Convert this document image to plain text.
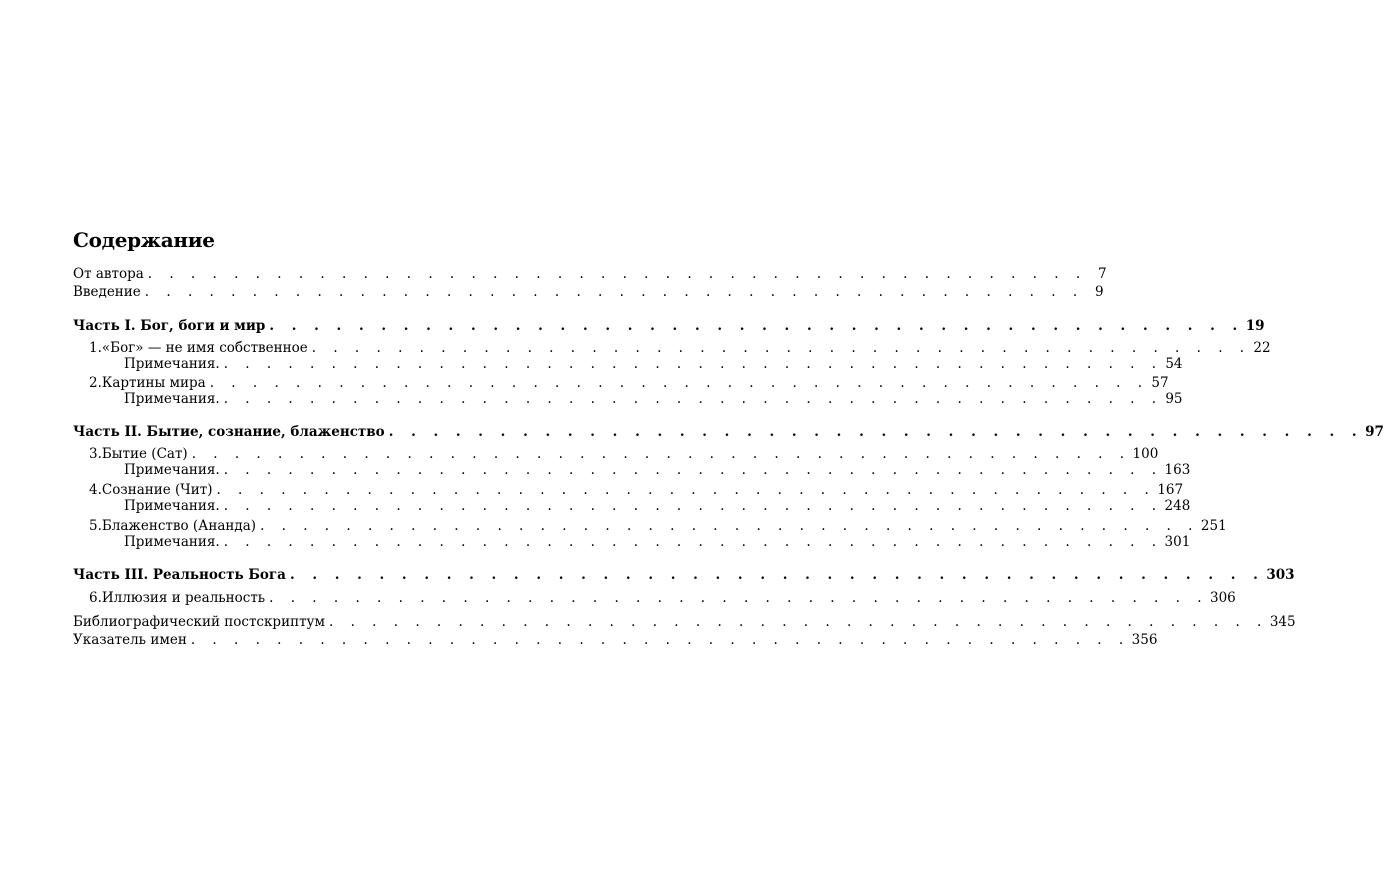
Содержание
От автора . . . . . . . . . . . . . . . . . . . . . . . . . . . . . . . . . . . . . . . . . . . . 7
Введение . . . . . . . . . . . . . . . . . . . . . . . . . . . . . . . . . . . . . . . . . . . . 9
Часть I. Бог, боги и мир . . . . . . . . . . . . . . . . . . . . . . . . . . . . . . . . . . . . . . . . . . . . 19
1. «Бог» — не имя собственное . . . . . . . . . . . . . . . . . . . . . . . . . . . . . . . . . . . . . . . . . . . . 22
Примечания. . . . . . . . . . . . . . . . . . . . . . . . . . . . . . . . . . . . . . . . . . . . . 54
2. Картины мира . . . . . . . . . . . . . . . . . . . . . . . . . . . . . . . . . . . . . . . . . . . . 57
Примечания. . . . . . . . . . . . . . . . . . . . . . . . . . . . . . . . . . . . . . . . . . . . . 95
Часть II. Бытие, сознание, блаженство . . . . . . . . . . . . . . . . . . . . . . . . . . . . . . . . . . . . . . . . . . . . 97
3. Бытие (Сат) . . . . . . . . . . . . . . . . . . . . . . . . . . . . . . . . . . . . . . . . . . . . 100
Примечания. . . . . . . . . . . . . . . . . . . . . . . . . . . . . . . . . . . . . . . . . . . . . 163
4. Сознание (Чит) . . . . . . . . . . . . . . . . . . . . . . . . . . . . . . . . . . . . . . . . . . . . 167
Примечания. . . . . . . . . . . . . . . . . . . . . . . . . . . . . . . . . . . . . . . . . . . . . 248
5. Блаженство (Ананда) . . . . . . . . . . . . . . . . . . . . . . . . . . . . . . . . . . . . . . . . . . . . 251
Примечания. . . . . . . . . . . . . . . . . . . . . . . . . . . . . . . . . . . . . . . . . . . . . 301
Часть III. Реальность Бога . . . . . . . . . . . . . . . . . . . . . . . . . . . . . . . . . . . . . . . . . . . . 303
6. Иллюзия и реальность . . . . . . . . . . . . . . . . . . . . . . . . . . . . . . . . . . . . . . . . . . . . 306
Библиографический постскриптум . . . . . . . . . . . . . . . . . . . . . . . . . . . . . . . . . . . . . . . . . . . . 345
Указатель имен . . . . . . . . . . . . . . . . . . . . . . . . . . . . . . . . . . . . . . . . . . . . 356
